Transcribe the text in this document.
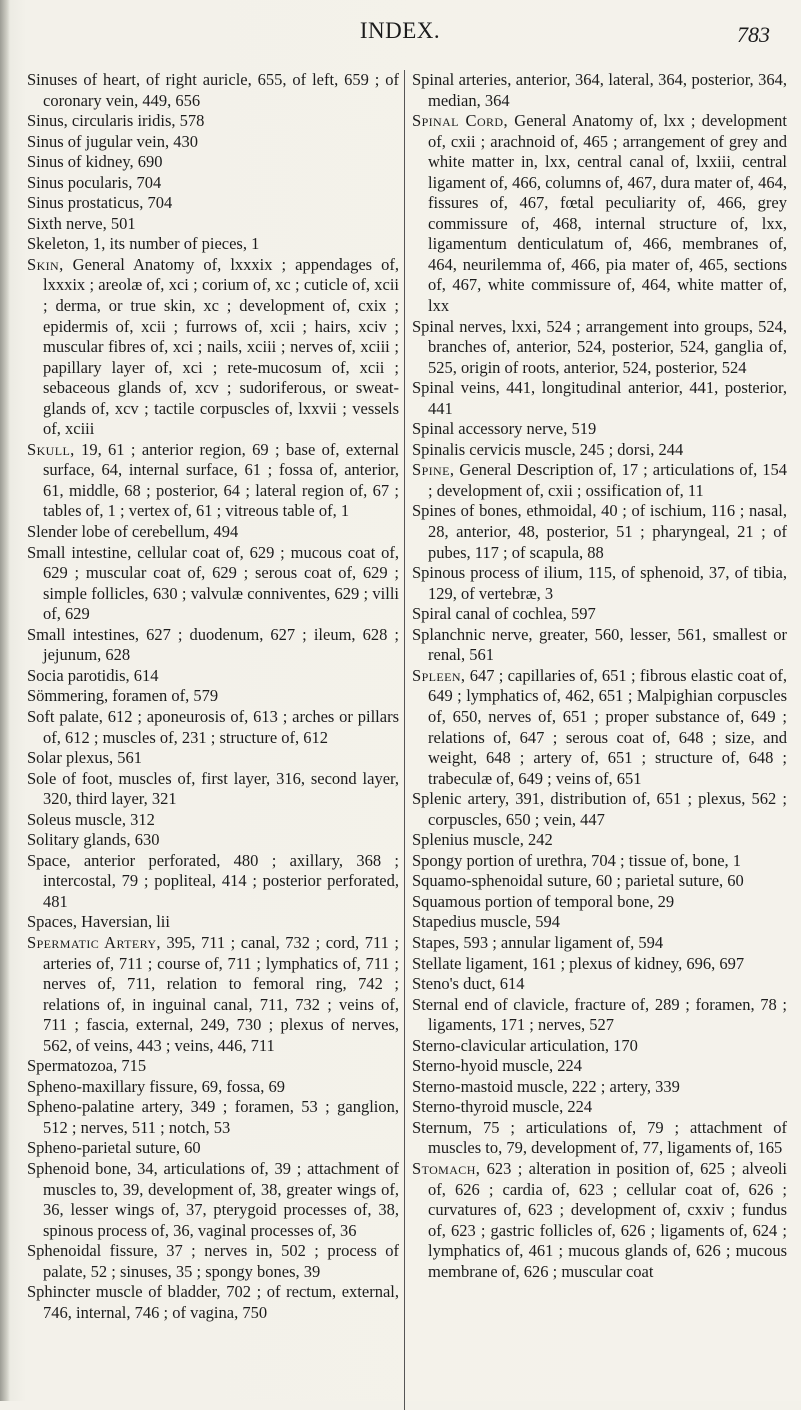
INDEX.	783

Sinuses of heart, of right auricle, 655, of left, 659 ; of coronary vein, 449, 656

Sinus, circularis iridis, 578

Sinus of jugular vein, 430

Sinus of kidney, 690

Sinus pocularis, 704

Sinus prostaticus, 704

Sixth nerve, 501

Skeleton, 1, its number of pieces, 1

Skin, General Anatomy of, lxxxix ; appendages of, lxxxix ; areolæ of, xci ; corium of, xc ; cuticle of, xcii ; derma, or true skin, xc ; development of, cxix ; epidermis of, xcii ; furrows of, xcii ; hairs, xciv ; muscular fibres of, xci ; nails, xciii ; nerves of, xciii ; papillary layer of, xci ; rete-mucosum of, xcii ; sebaceous glands of, xcv ; sudoriferous, or sweat-glands of, xcv ; tactile corpuscles of, lxxvii ; vessels of, xciii

Skull, 19, 61 ; anterior region, 69 ; base of, external surface, 64, internal surface, 61 ; fossa of, anterior, 61, middle, 68 ; posterior, 64 ; lateral region of, 67 ; tables of, 1 ; vertex of, 61 ; vitreous table of, 1

Slender lobe of cerebellum, 494

Small intestine, cellular coat of, 629 ; mucous coat of, 629 ; muscular coat of, 629 ; serous coat of, 629 ; simple follicles, 630 ; valvulæ conniventes, 629 ; villi of, 629

Small intestines, 627 ; duodenum, 627 ; ileum, 628 ; jejunum, 628

Socia parotidis, 614

Sömmering, foramen of, 579

Soft palate, 612 ; aponeurosis of, 613 ; arches or pillars of, 612 ; muscles of, 231 ; structure of, 612

Solar plexus, 561

Sole of foot, muscles of, first layer, 316, second layer, 320, third layer, 321

Soleus muscle, 312

Solitary glands, 630

Space, anterior perforated, 480 ; axillary, 368 ; intercostal, 79 ; popliteal, 414 ; posterior perforated, 481

Spaces, Haversian, lii

Spermatic Artery, 395, 711 ; canal, 732 ; cord, 711 ; arteries of, 711 ; course of, 711 ; lymphatics of, 711 ; nerves of, 711, relation to femoral ring, 742 ; relations of, in inguinal canal, 711, 732 ; veins of, 711 ; fascia, external, 249, 730 ; plexus of nerves, 562, of veins, 443 ; veins, 446, 711

Spermatozoa, 715

Spheno-maxillary fissure, 69, fossa, 69

Spheno-palatine artery, 349 ; foramen, 53 ; ganglion, 512 ; nerves, 511 ; notch, 53

Spheno-parietal suture, 60

Sphenoid bone, 34, articulations of, 39 ; attachment of muscles to, 39, development of, 38, greater wings of, 36, lesser wings of, 37, pterygoid processes of, 38, spinous process of, 36, vaginal processes of, 36

Sphenoidal fissure, 37 ; nerves in, 502 ; process of palate, 52 ; sinuses, 35 ; spongy bones, 39

Sphincter muscle of bladder, 702 ; of rectum, external, 746, internal, 746 ; of vagina, 750

Spinal arteries, anterior, 364, lateral, 364, posterior, 364, median, 364

Spinal Cord, General Anatomy of, lxx ; development of, cxii ; arachnoid of, 465 ; arrangement of grey and white matter in, lxx, central canal of, lxxiii, central ligament of, 466, columns of, 467, dura mater of, 464, fissures of, 467, fœtal peculiarity of, 466, grey commissure of, 468, internal structure of, lxx, ligamentum denticulatum of, 466, membranes of, 464, neurilemma of, 466, pia mater of, 465, sections of, 467, white commissure of, 464, white matter of, lxx

Spinal nerves, lxxi, 524 ; arrangement into groups, 524, branches of, anterior, 524, posterior, 524, ganglia of, 525, origin of roots, anterior, 524, posterior, 524

Spinal veins, 441, longitudinal anterior, 441, posterior, 441

Spinal accessory nerve, 519

Spinalis cervicis muscle, 245 ; dorsi, 244

Spine, General Description of, 17 ; articulations of, 154 ; development of, cxii ; ossification of, 11

Spines of bones, ethmoidal, 40 ; of ischium, 116 ; nasal, 28, anterior, 48, posterior, 51 ; pharyngeal, 21 ; of pubes, 117 ; of scapula, 88

Spinous process of ilium, 115, of sphenoid, 37, of tibia, 129, of vertebræ, 3

Spiral canal of cochlea, 597

Splanchnic nerve, greater, 560, lesser, 561, smallest or renal, 561

Spleen, 647 ; capillaries of, 651 ; fibrous elastic coat of, 649 ; lymphatics of, 462, 651 ; Malpighian corpuscles of, 650, nerves of, 651 ; proper substance of, 649 ; relations of, 647 ; serous coat of, 648 ; size, and weight, 648 ; artery of, 651 ; structure of, 648 ; trabeculæ of, 649 ; veins of, 651

Splenic artery, 391, distribution of, 651 ; plexus, 562 ; corpuscles, 650 ; vein, 447

Splenius muscle, 242

Spongy portion of urethra, 704 ; tissue of, bone, 1

Squamo-sphenoidal suture, 60 ; parietal suture, 60

Squamous portion of temporal bone, 29

Stapedius muscle, 594

Stapes, 593 ; annular ligament of, 594

Stellate ligament, 161 ; plexus of kidney, 696, 697

Steno's duct, 614

Sternal end of clavicle, fracture of, 289 ; foramen, 78 ; ligaments, 171 ; nerves, 527

Sterno-clavicular articulation, 170

Sterno-hyoid muscle, 224

Sterno-mastoid muscle, 222 ; artery, 339

Sterno-thyroid muscle, 224

Sternum, 75 ; articulations of, 79 ; attachment of muscles to, 79, development of, 77, ligaments of, 165

Stomach, 623 ; alteration in position of, 625 ; alveoli of, 626 ; cardia of, 623 ; cellular coat of, 626 ; curvatures of, 623 ; development of, cxxiv ; fundus of, 623 ; gastric follicles of, 626 ; ligaments of, 624 ; lymphatics of, 461 ; mucous glands of, 626 ; mucous membrane of, 626 ; muscular coat
